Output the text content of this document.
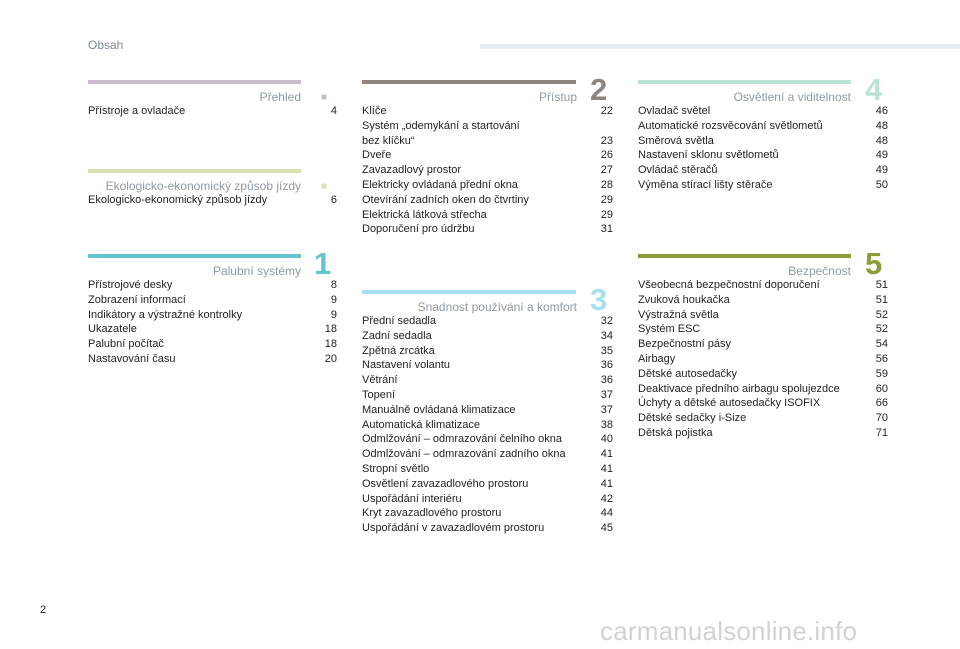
Obsah
Přehled ■
Přístroje a ovladače	4
Ekologicko-ekonomický způsob jízdy ■
Ekologicko-ekonomický způsob jízdy	6
Palubní systémy 1
Přístrojové desky	8
Zobrazení informací	9
Indikátory a výstražné kontrolky	9
Ukazatele	18
Palubní počítač	18
Nastavování času	20
Přístup 2
Klíče	22
Systém „odemykání a startování
bez klíčku“	23
Dveře	26
Zavazadlový prostor	27
Elektricky ovládaná přední okna	28
Otevírání zadních oken do čtvrtiny	29
Elektrická látková střecha	29
Doporučení pro údržbu	31
Snadnost používání a komfort 3
Přední sedadla	32
Zadní sedadla	34
Zpětná zrcátka	35
Nastavení volantu	36
Větrání	36
Topení	37
Manuálně ovládaná klimatizace	37
Automatická klimatizace	38
Odmlžování – odmrazování čelního okna	40
Odmlžování – odmrazování zadního okna	41
Stropní světlo	41
Osvětlení zavazadlového prostoru	41
Uspořádání interiéru	42
Kryt zavazadlového prostoru	44
Uspořádání v zavazadlovém prostoru	45
Osvětlení a viditelnost 4
Ovladač světel	46
Automatické rozsvěcování světlometů	48
Směrová světla	48
Nastavení sklonu světlometů	49
Ovládač stěračů	49
Výměna stírací lišty stěrače	50
Bezpečnost 5
Všeobecná bezpečnostní doporučení	51
Zvuková houkačka	51
Výstražná světla	52
Systém ESC	52
Bezpečnostní pásy	54
Airbagy	56
Dětské autosedačky	59
Deaktivace předního airbagu spolujezdce	60
Úchyty a dětské autosedačky ISOFIX	66
Dětské sedačky i-Size	70
Dětská pojistka	71
2
carmanualsonline.info
